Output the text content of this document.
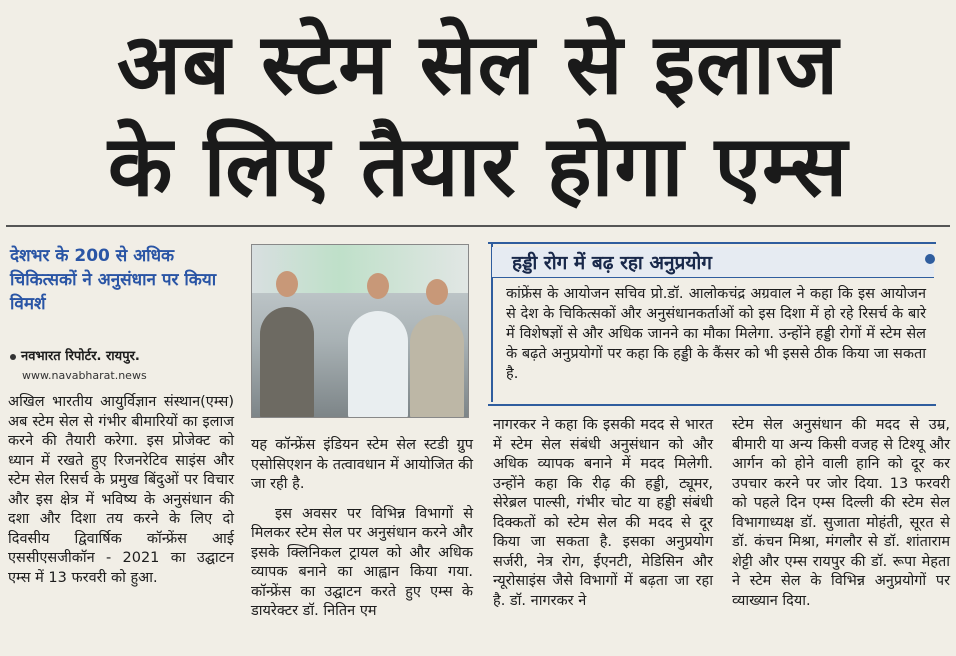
अब स्टेम सेल से इलाज
के लिए तैयार होगा एम्स
देशभर के 200 से अधिक चिकित्सकों ने अनुसंधान पर किया विमर्श
नवभारत रिपोर्टर. रायपुर.
www.navabharat.news
अखिल भारतीय आयुर्विज्ञान संस्थान(एम्स) अब स्टेम सेल से गंभीर बीमारियों का इलाज करने की तैयारी करेगा. इस प्रोजेक्ट को ध्यान में रखते हुए रिजनरेटिव साइंस और स्टेम सेल रिसर्च के प्रमुख बिंदुओं पर विचार और इस क्षेत्र में भविष्य के अनुसंधान की दशा और दिशा तय करने के लिए दो दिवसीय द्विवार्षिक कॉन्फ्रेंस आई एससीएसजीकॉन - 2021 का उद्घाटन एम्स में 13 फरवरी को हुआ.
यह कॉन्फ्रेंस इंडियन स्टेम सेल स्टडी ग्रुप एसोसिएशन के तत्वावधान में आयोजित की जा रही है.
इस अवसर पर विभिन्न विभागों से मिलकर स्टेम सेल पर अनुसंधान करने और इसके क्लिनिकल ट्रायल को और अधिक व्यापक बनाने का आह्वान किया गया. कॉन्फ्रेंस का उद्घाटन करते हुए एम्स के डायरेक्टर डॉ. नितिन एम
हड्डी रोग में बढ़ रहा अनुप्रयोग
कांफ्रेंस के आयोजन सचिव प्रो.डॉ. आलोकचंद्र अग्रवाल ने कहा कि इस आयोजन से देश के चिकित्सकों और अनुसंधानकर्ताओं को इस दिशा में हो रहे रिसर्च के बारे में विशेषज्ञों से और अधिक जानने का मौका मिलेगा. उन्होंने हड्डी रोगों में स्टेम सेल के बढ़ते अनुप्रयोगों पर कहा कि हड्डी के कैंसर को भी इससे ठीक किया जा सकता है.
नागरकर ने कहा कि इसकी मदद से भारत में स्टेम सेल संबंधी अनुसंधान को और अधिक व्यापक बनाने में मदद मिलेगी. उन्होंने कहा कि रीढ़ की हड्डी, ट्यूमर, सेरेब्रल पाल्सी, गंभीर चोट या हड्डी संबंधी दिक्कतों को स्टेम सेल की मदद से दूर किया जा सकता है. इसका अनुप्रयोग सर्जरी, नेत्र रोग, ईएनटी, मेडिसिन और न्यूरोसाइंस जैसे विभागों में बढ़ता जा रहा है. डॉ. नागरकर ने
स्टेम सेल अनुसंधान की मदद से उम्र, बीमारी या अन्य किसी वजह से टिश्यू और आर्गन को होने वाली हानि को दूर कर उपचार करने पर जोर दिया. 13 फरवरी को पहले दिन एम्स दिल्ली की स्टेम सेल विभागाध्यक्ष डॉ. सुजाता मोहंती, सूरत से डॉ. कंचन मिश्रा, मंगलौर से डॉ. शांताराम शेट्टी और एम्स रायपुर की डॉ. रूपा मेहता ने स्टेम सेल के विभिन्न अनुप्रयोगों पर व्याख्यान दिया.
